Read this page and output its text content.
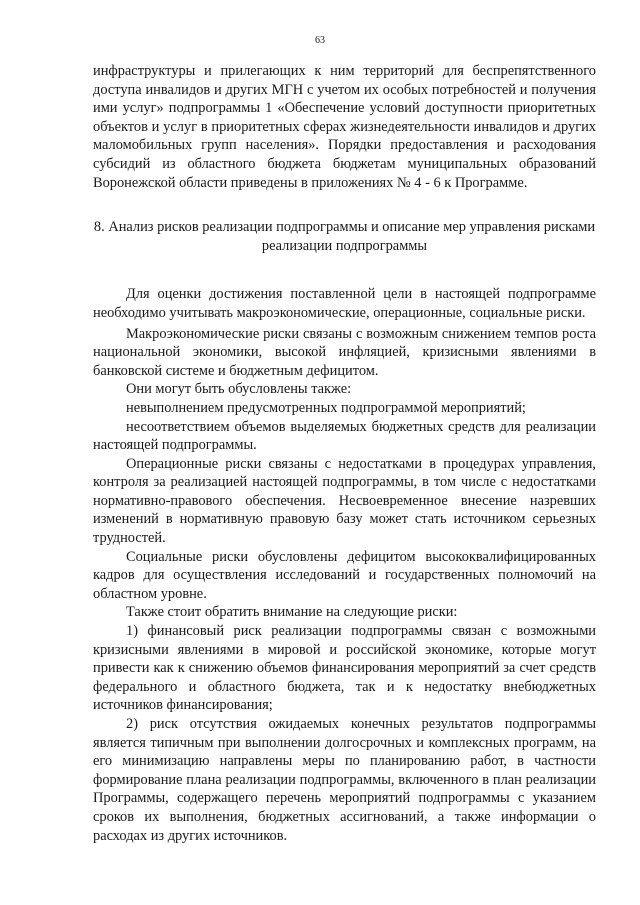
63

инфраструктуры и прилегающих к ним территорий для беспрепятственного доступа инвалидов и других МГН с учетом их особых потребностей и получения ими услуг» подпрограммы 1 «Обеспечение условий доступности приоритетных объектов и услуг в приоритетных сферах жизнедеятельности инвалидов и других маломобильных групп населения». Порядки предоставления и расходования субсидий из областного бюджета бюджетам муниципальных образований Воронежской области приведены в приложениях № 4 - 6 к Программе.

8. Анализ рисков реализации подпрограммы и описание мер управления рисками реализации подпрограммы

Для оценки достижения поставленной цели в настоящей подпрограмме необходимо учитывать макроэкономические, операционные, социальные риски.

Макроэкономические риски связаны с возможным снижением темпов роста национальной экономики, высокой инфляцией, кризисными явлениями в банковской системе и бюджетным дефицитом.

Они могут быть обусловлены также:

невыполнением предусмотренных подпрограммой мероприятий;

несоответствием объемов выделяемых бюджетных средств для реализации настоящей подпрограммы.

Операционные риски связаны с недостатками в процедурах управления, контроля за реализацией настоящей подпрограммы, в том числе с недостатками нормативно-правового обеспечения. Несвоевременное внесение назревших изменений в нормативную правовую базу может стать источником серьезных трудностей.

Социальные риски обусловлены дефицитом высококвалифицированных кадров для осуществления исследований и государственных полномочий на областном уровне.

Также стоит обратить внимание на следующие риски:

1) финансовый риск реализации подпрограммы связан с возможными кризисными явлениями в мировой и российской экономике, которые могут привести как к снижению объемов финансирования мероприятий за счет средств федерального и областного бюджета, так и к недостатку внебюджетных источников финансирования;

2) риск отсутствия ожидаемых конечных результатов подпрограммы является типичным при выполнении долгосрочных и комплексных программ, на его минимизацию направлены меры по планированию работ, в частности формирование плана реализации подпрограммы, включенного в план реализации Программы, содержащего перечень мероприятий подпрограммы с указанием сроков их выполнения, бюджетных ассигнований, а также информации о расходах из других источников.
